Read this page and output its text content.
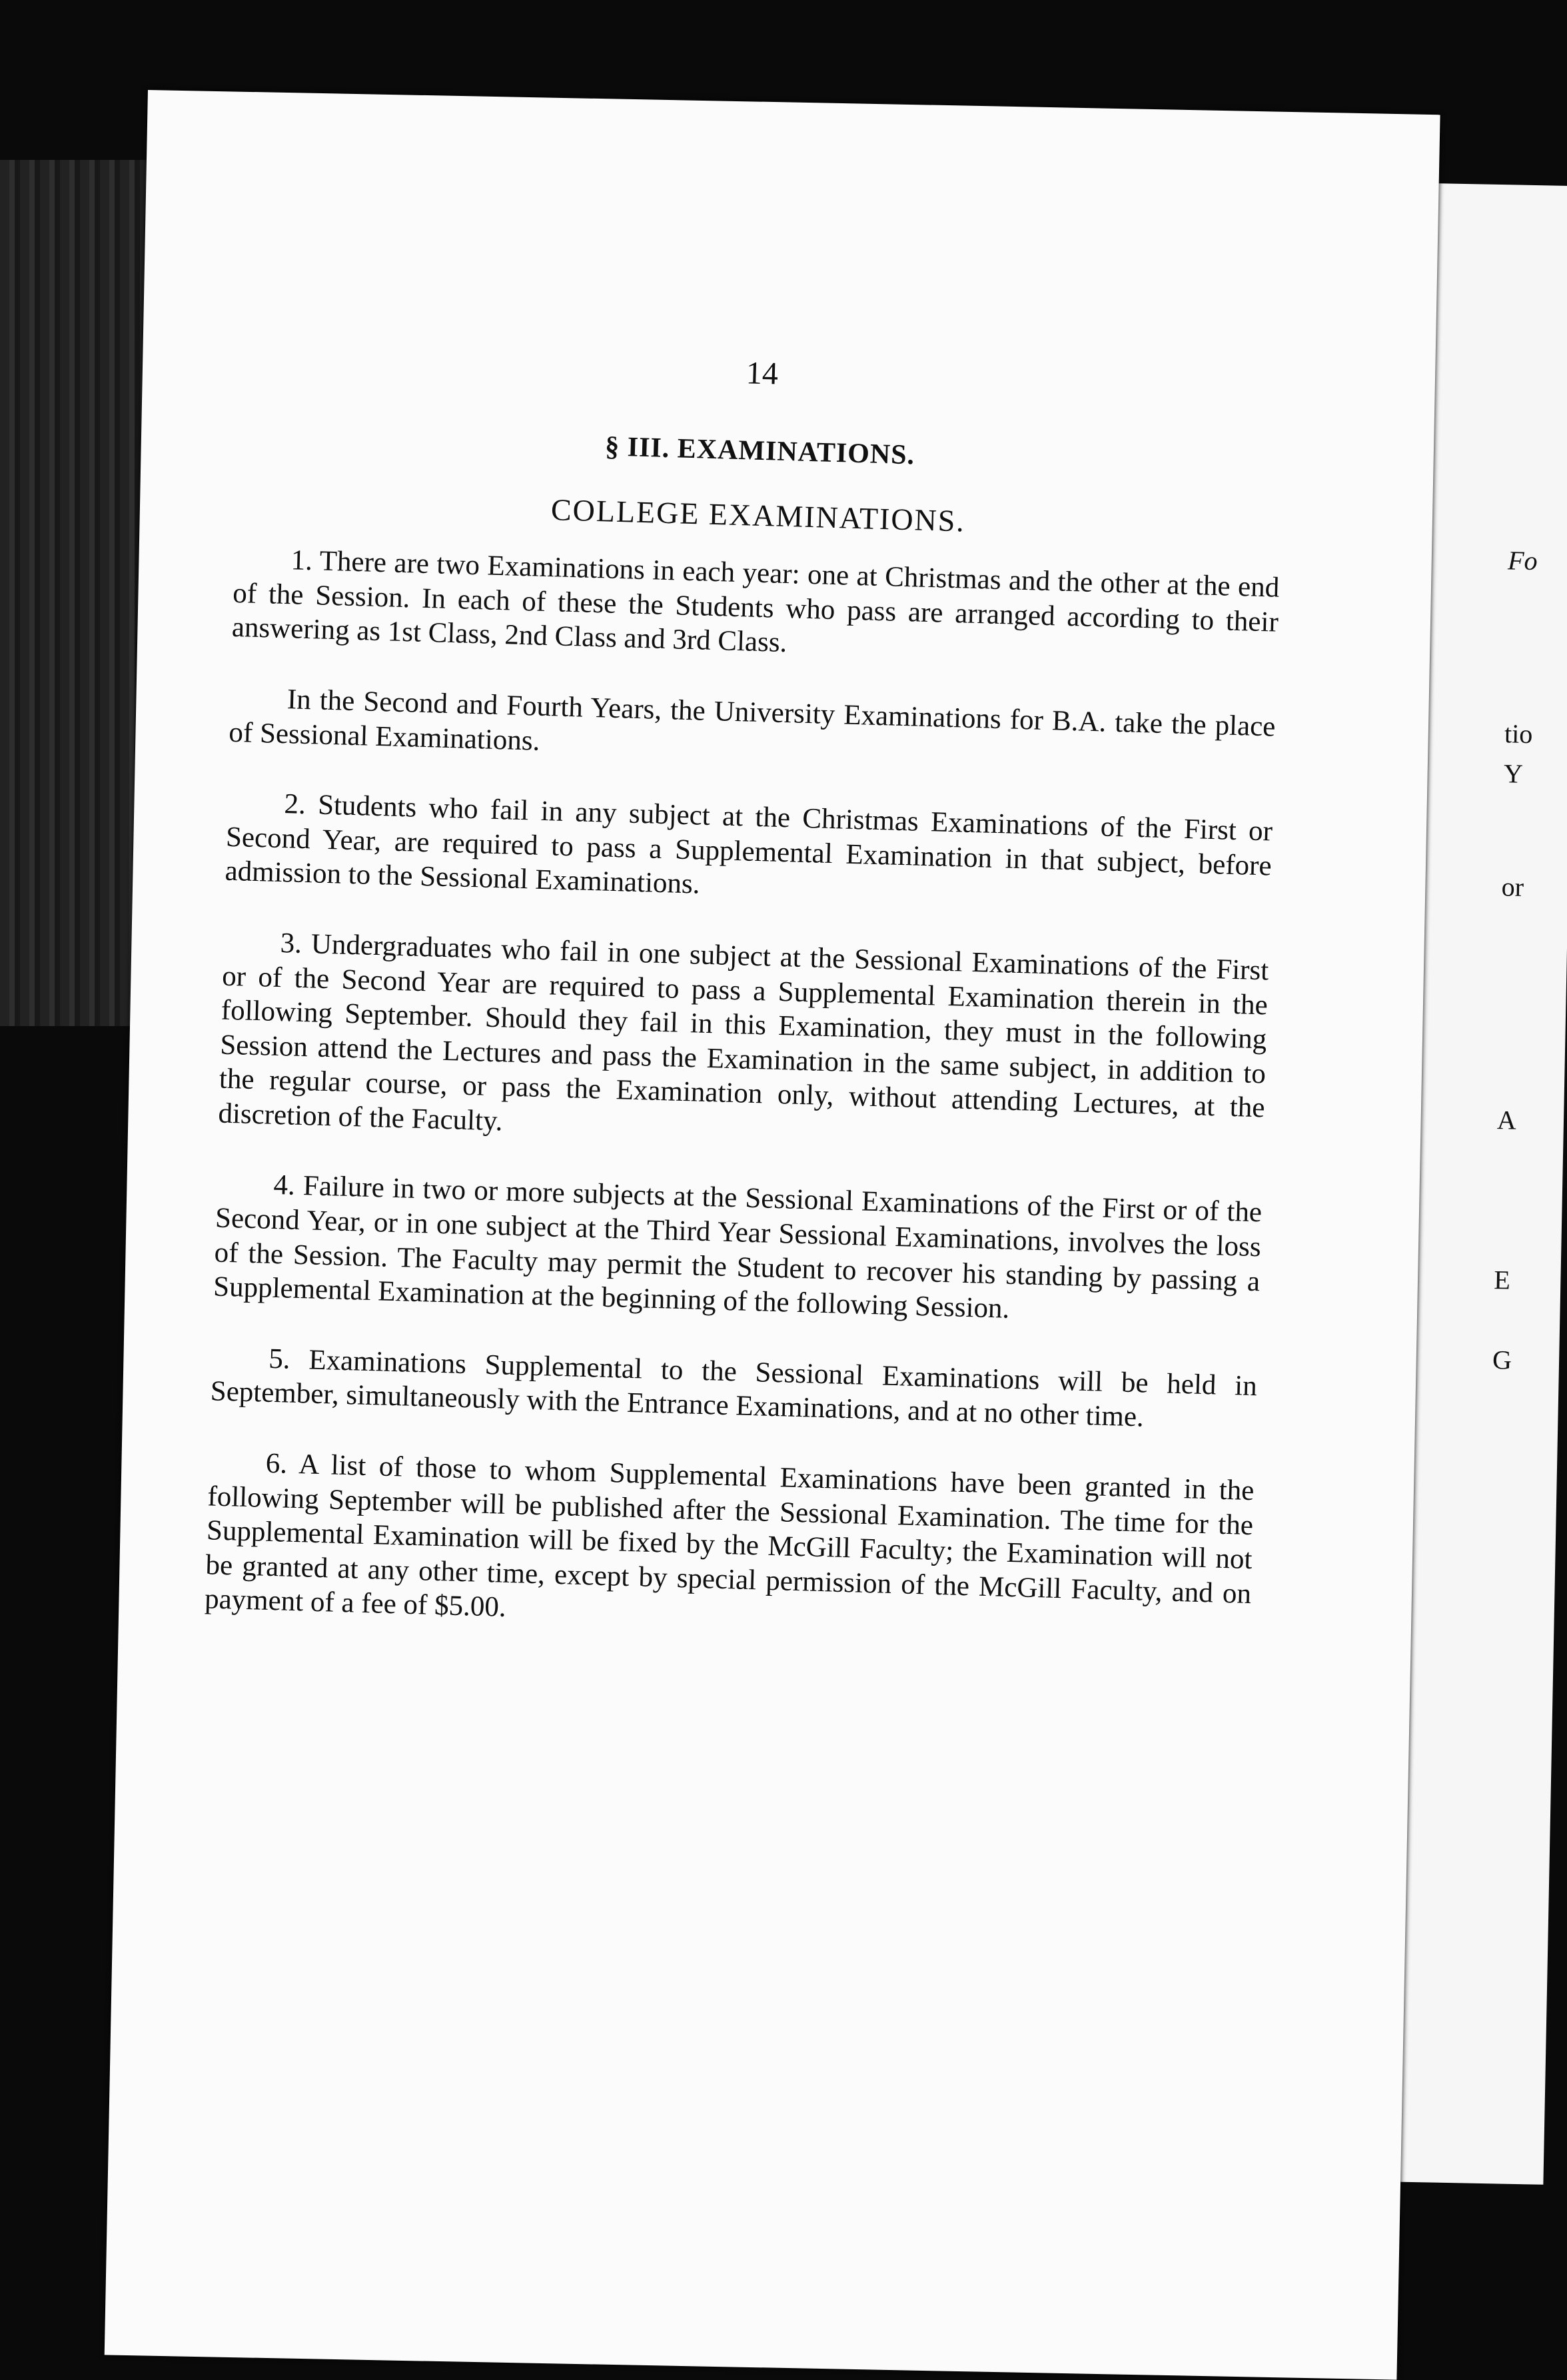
Fo
tio
Y
or
A
E
G
14
§ III. EXAMINATIONS.
COLLEGE EXAMINATIONS.

1. There are two Examinations in each year: one at Christmas and the other at the end of the Session. In each of these the Students who pass are arranged according to their answering as 1st Class, 2nd Class and 3rd Class.

In the Second and Fourth Years, the University Examinations for B.A. take the place of Sessional Examinations.

2. Students who fail in any subject at the Christmas Examinations of the First or Second Year, are required to pass a Supplemental Examination in that subject, before admission to the Sessional Examinations.

3. Undergraduates who fail in one subject at the Sessional Examinations of the First or of the Second Year are required to pass a Supplemental Examination therein in the following September. Should they fail in this Examination, they must in the following Session attend the Lectures and pass the Examination in the same subject, in addition to the regular course, or pass the Examination only, without attending Lectures, at the discretion of the Faculty.

4. Failure in two or more subjects at the Sessional Examinations of the First or of the Second Year, or in one subject at the Third Year Sessional Examinations, involves the loss of the Session. The Faculty may permit the Student to recover his standing by passing a Supplemental Examination at the beginning of the following Session.

5. Examinations Supplemental to the Sessional Examinations will be held in September, simultaneously with the Entrance Examinations, and at no other time.

6. A list of those to whom Supplemental Examinations have been granted in the following September will be published after the Sessional Examination. The time for the Supplemental Examination will be fixed by the McGill Faculty; the Examination will not be granted at any other time, except by special permission of the McGill Faculty, and on payment of a fee of $5.00.
